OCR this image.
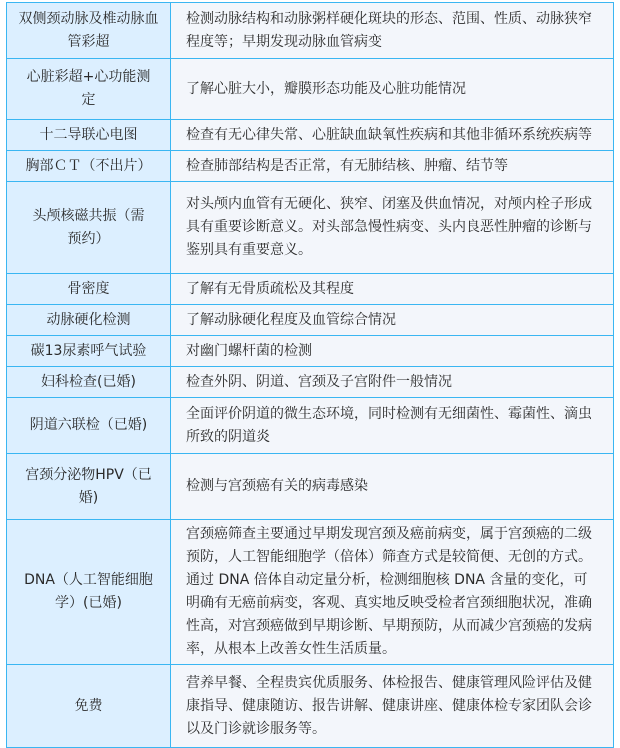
双侧颈动脉及椎动脉血管彩超	检测动脉结构和动脉粥样硬化斑块的形态、范围、性质、动脉狭窄程度等；早期发现动脉血管病变
心脏彩超+心功能测定	了解心脏大小，瓣膜形态功能及心脏功能情况
十二导联心电图	检查有无心律失常、心脏缺血缺氧性疾病和其他非循环系统疾病等
胸部ＣＴ（不出片）	检查肺部结构是否正常，有无肺结核、肿瘤、结节等
头颅核磁共振（需预约）	对头颅内血管有无硬化、狭窄、闭塞及供血情况，对颅内栓子形成具有重要诊断意义。对头部急慢性病变、头内良恶性肿瘤的诊断与鉴别具有重要意义。
骨密度	了解有无骨质疏松及其程度
动脉硬化检测	了解动脉硬化程度及血管综合情况
碳13尿素呼气试验	对幽门螺杆菌的检测
妇科检查(已婚)	检查外阴、阴道、宫颈及子宫附件一般情况
阴道六联检（已婚)	全面评价阴道的微生态环境，同时检测有无细菌性、霉菌性、滴虫所致的阴道炎
宫颈分泌物HPV（已婚)	检测与宫颈癌有关的病毒感染
DNA（人工智能细胞学）(已婚)	宫颈癌筛查主要通过早期发现宫颈及癌前病变，属于宫颈癌的二级预防，人工智能细胞学（倍体）筛查方式是较简便、无创的方式。通过 DNA 倍体自动定量分析，检测细胞核 DNA 含量的变化，可明确有无癌前病变，客观、真实地反映受检者宫颈细胞状况，准确性高，对宫颈癌做到早期诊断、早期预防，从而减少宫颈癌的发病率，从根本上改善女性生活质量。
免费	营养早餐、全程贵宾优质服务、体检报告、健康管理风险评估及健康指导、健康随访、报告讲解、健康讲座、健康体检专家团队会诊以及门诊就诊服务等。
